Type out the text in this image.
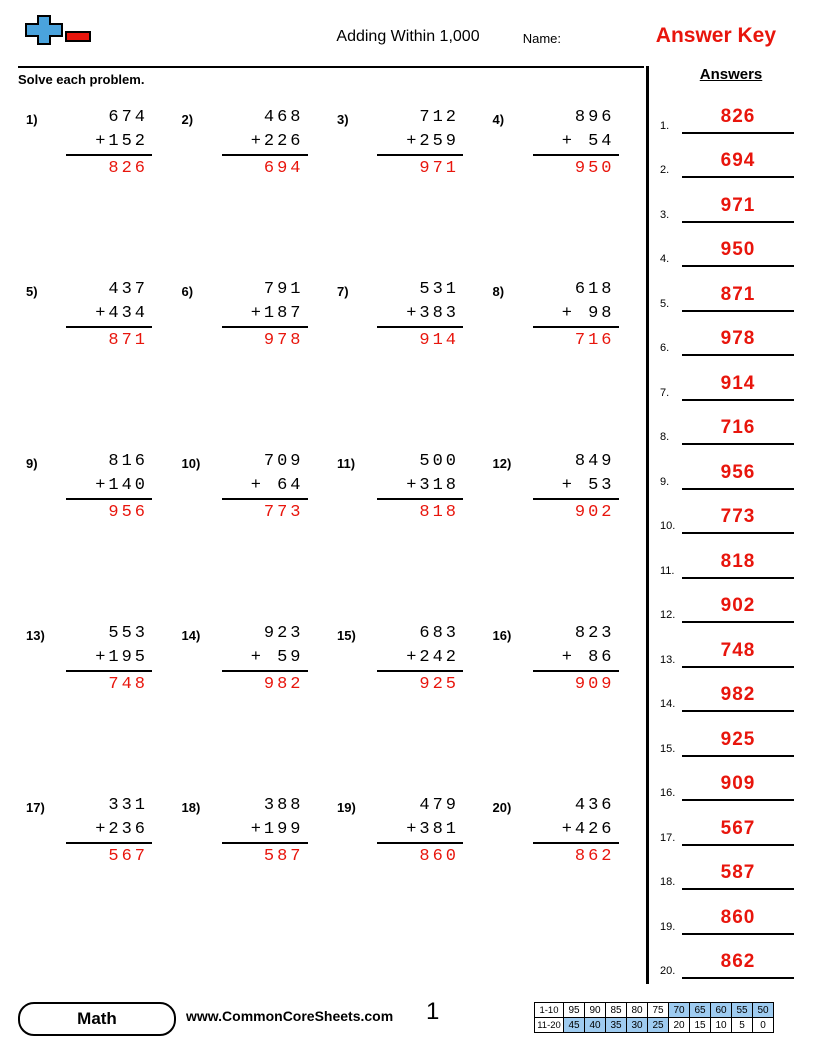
Adding Within 1,000	Name:	Answer Key
Solve each problem.
1)	674
+152
826
2)	468
+226
694
3)	712
+259
971
4)	896
+ 54
950
5)	437
+434
871
6)	791
+187
978
7)	531
+383
914
8)	618
+ 98
716
9)	816
+140
956
10)	709
+ 64
773
11)	500
+318
818
12)	849
+ 53
902
13)	553
+195
748
14)	923
+ 59
982
15)	683
+242
925
16)	823
+ 86
909
17)	331
+236
567
18)	388
+199
587
19)	479
+381
860
20)	436
+426
862
Answers
1.	826
2.	694
3.	971
4.	950
5.	871
6.	978
7.	914
8.	716
9.	956
10.	773
11.	818
12.	902
13.	748
14.	982
15.	925
16.	909
17.	567
18.	587
19.	860
20.	862
Math	www.CommonCoreSheets.com 1	1-10	95	90	85	80	75	70	65	60	55	50
11-20	45	40	35	30	25	20	15	10	5	0
